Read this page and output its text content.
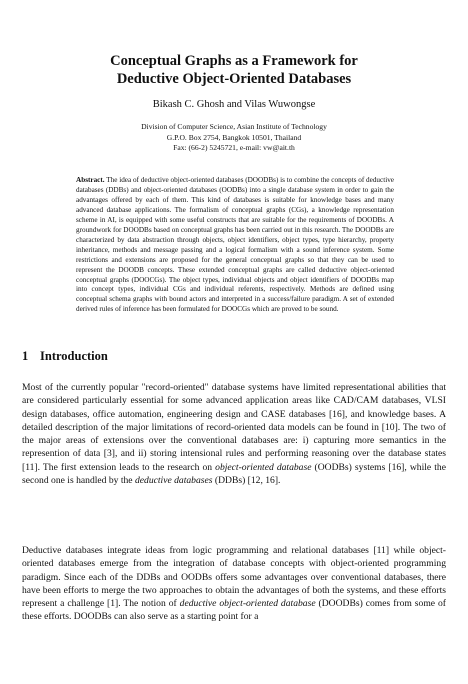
Conceptual Graphs as a Framework for
Deductive Object-Oriented Databases
Bikash C. Ghosh and Vilas Wuwongse
Division of Computer Science, Asian Institute of Technology
G.P.O. Box 2754, Bangkok 10501, Thailand
Fax: (66-2) 5245721, e-mail: vw@ait.th
Abstract. The idea of deductive object-oriented databases (DOODBs) is to combine the concepts of deductive databases (DDBs) and object-oriented databases (OODBs) into a single database system in order to gain the advantages offered by each of them. This kind of databases is suitable for knowledge bases and many advanced database applications. The formalism of conceptual graphs (CGs), a knowledge representation scheme in AI, is equipped with some useful constructs that are suitable for the requirements of DOODBs. A groundwork for DOODBs based on conceptual graphs has been carried out in this research. The DOODBs are characterized by data abstraction through objects, object identifiers, object types, type hierarchy, property inheritance, methods and message passing and a logical formalism with a sound inference system. Some restrictions and extensions are proposed for the general conceptual graphs so that they can be used to represent the DOODB concepts. These extended conceptual graphs are called deductive object-oriented conceptual graphs (DOOCGs). The object types, individual objects and object identifiers of DOODBs map into concept types, individual CGs and individual referents, respectively. Methods are defined using conceptual schema graphs with bound actors and interpreted in a success/failure paradigm. A set of extended derived rules of inference has been formulated for DOOCGs which are proved to be sound.
1 Introduction
Most of the currently popular "record-oriented" database systems have limited representational abilities that are considered particularly essential for some advanced application areas like CAD/CAM databases, VLSI design databases, office automation, engineering design and CASE databases [16], and knowledge bases. A detailed description of the major limitations of record-oriented data models can be found in [10]. The two of the major areas of extensions over the conventional databases are: i) capturing more semantics in the represention of data [3], and ii) storing intensional rules and performing reasoning over the database states [11]. The first extension leads to the research on object-oriented database (OODBs) systems [16], while the second one is handled by the deductive databases (DDBs) [12, 16].
Deductive databases integrate ideas from logic programming and relational databases [11] while object-oriented databases emerge from the integration of database concepts with object-oriented programming paradigm. Since each of the DDBs and OODBs offers some advantages over conventional databases, there have been efforts to merge the two approaches to obtain the advantages of both the systems, and these efforts represent a challenge [1]. The notion of deductive object-oriented database (DOODBs) comes from some of these efforts. DOODBs can also serve as a starting point for a
